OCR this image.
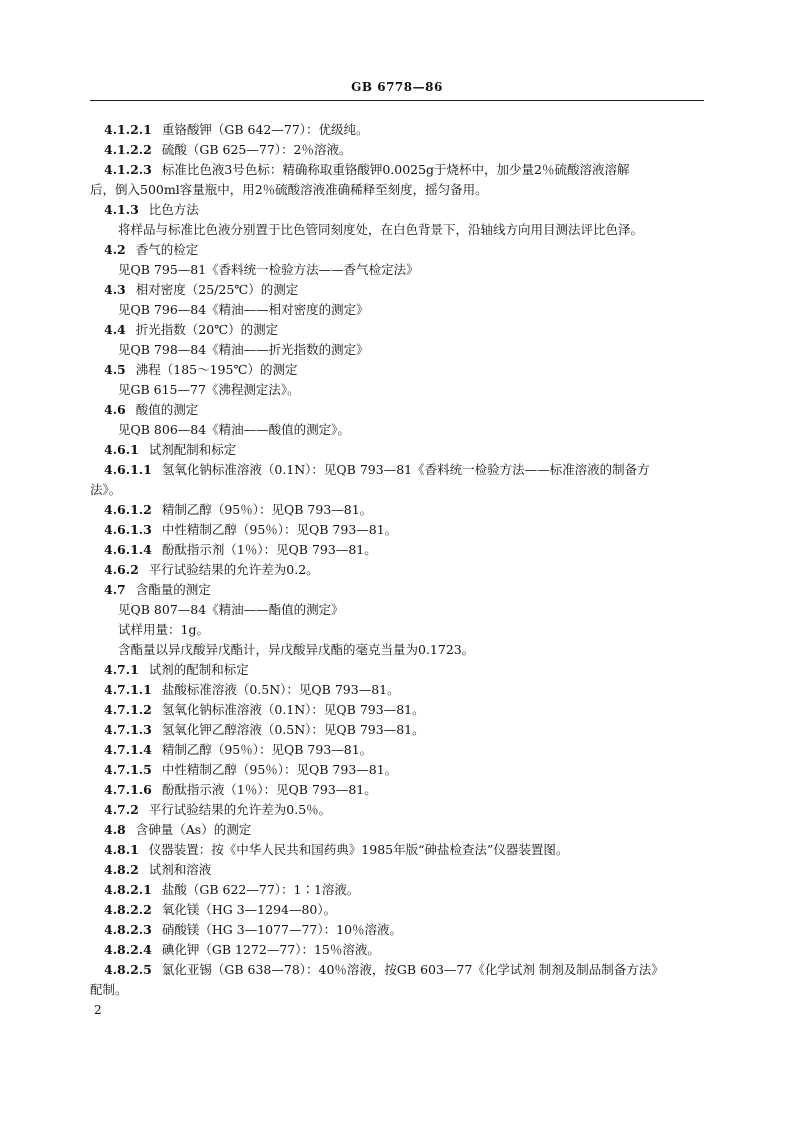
GB 6778—86
4.1.2.1 重铬酸钾（GB 642—77）：优级纯。
4.1.2.2 硫酸（GB 625—77）：2％溶液。
4.1.2.3 标准比色液3号色标：精确称取重铬酸钾0.0025g于烧杯中，加少量2％硫酸溶液溶解
后，倒入500ml容量瓶中，用2％硫酸溶液准确稀释至刻度，摇匀备用。
4.1.3 比色方法
将样品与标准比色液分别置于比色管同刻度处，在白色背景下，沿轴线方向用目测法评比色泽。
4.2 香气的检定
见QB 795—81《香料统一检验方法——香气检定法》
4.3 相对密度（25/25℃）的测定
见QB 796—84《精油——相对密度的测定》
4.4 折光指数（20℃）的测定
见QB 798—84《精油——折光指数的测定》
4.5 沸程（185～195℃）的测定
见GB 615—77《沸程测定法》。
4.6 酸值的测定
见QB 806—84《精油——酸值的测定》。
4.6.1 试剂配制和标定
4.6.1.1 氢氧化钠标准溶液（0.1N）：见QB 793—81《香料统一检验方法——标准溶液的制备方
法》。
4.6.1.2 精制乙醇（95％）：见QB 793—81。
4.6.1.3 中性精制乙醇（95％）：见QB 793—81。
4.6.1.4 酚酞指示剂（1％）：见QB 793—81。
4.6.2 平行试验结果的允许差为0.2。
4.7 含酯量的测定
见QB 807—84《精油——酯值的测定》
试样用量：1g。
含酯量以异戊酸异戊酯计，异戊酸异戊酯的毫克当量为0.1723。
4.7.1 试剂的配制和标定
4.7.1.1 盐酸标准溶液（0.5N）：见QB 793—81。
4.7.1.2 氢氧化钠标准溶液（0.1N）：见QB 793—81。
4.7.1.3 氢氧化钾乙醇溶液（0.5N）：见QB 793—81。
4.7.1.4 精制乙醇（95％）：见QB 793—81。
4.7.1.5 中性精制乙醇（95％）：见QB 793—81。
4.7.1.6 酚酞指示液（1％）：见QB 793—81。
4.7.2 平行试验结果的允许差为0.5％。
4.8 含砷量（As）的测定
4.8.1 仪器装置：按《中华人民共和国药典》1985年版“砷盐检查法”仪器装置图。
4.8.2 试剂和溶液
4.8.2.1 盐酸（GB 622—77）：1∶1溶液。
4.8.2.2 氧化镁（HG 3—1294—80）。
4.8.2.3 硝酸镁（HG 3—1077—77）：10％溶液。
4.8.2.4 碘化钾（GB 1272—77）：15％溶液。
4.8.2.5 氯化亚锡（GB 638—78）：40％溶液，按GB 603—77《化学试剂 制剂及制品制备方法》
配制。
2
